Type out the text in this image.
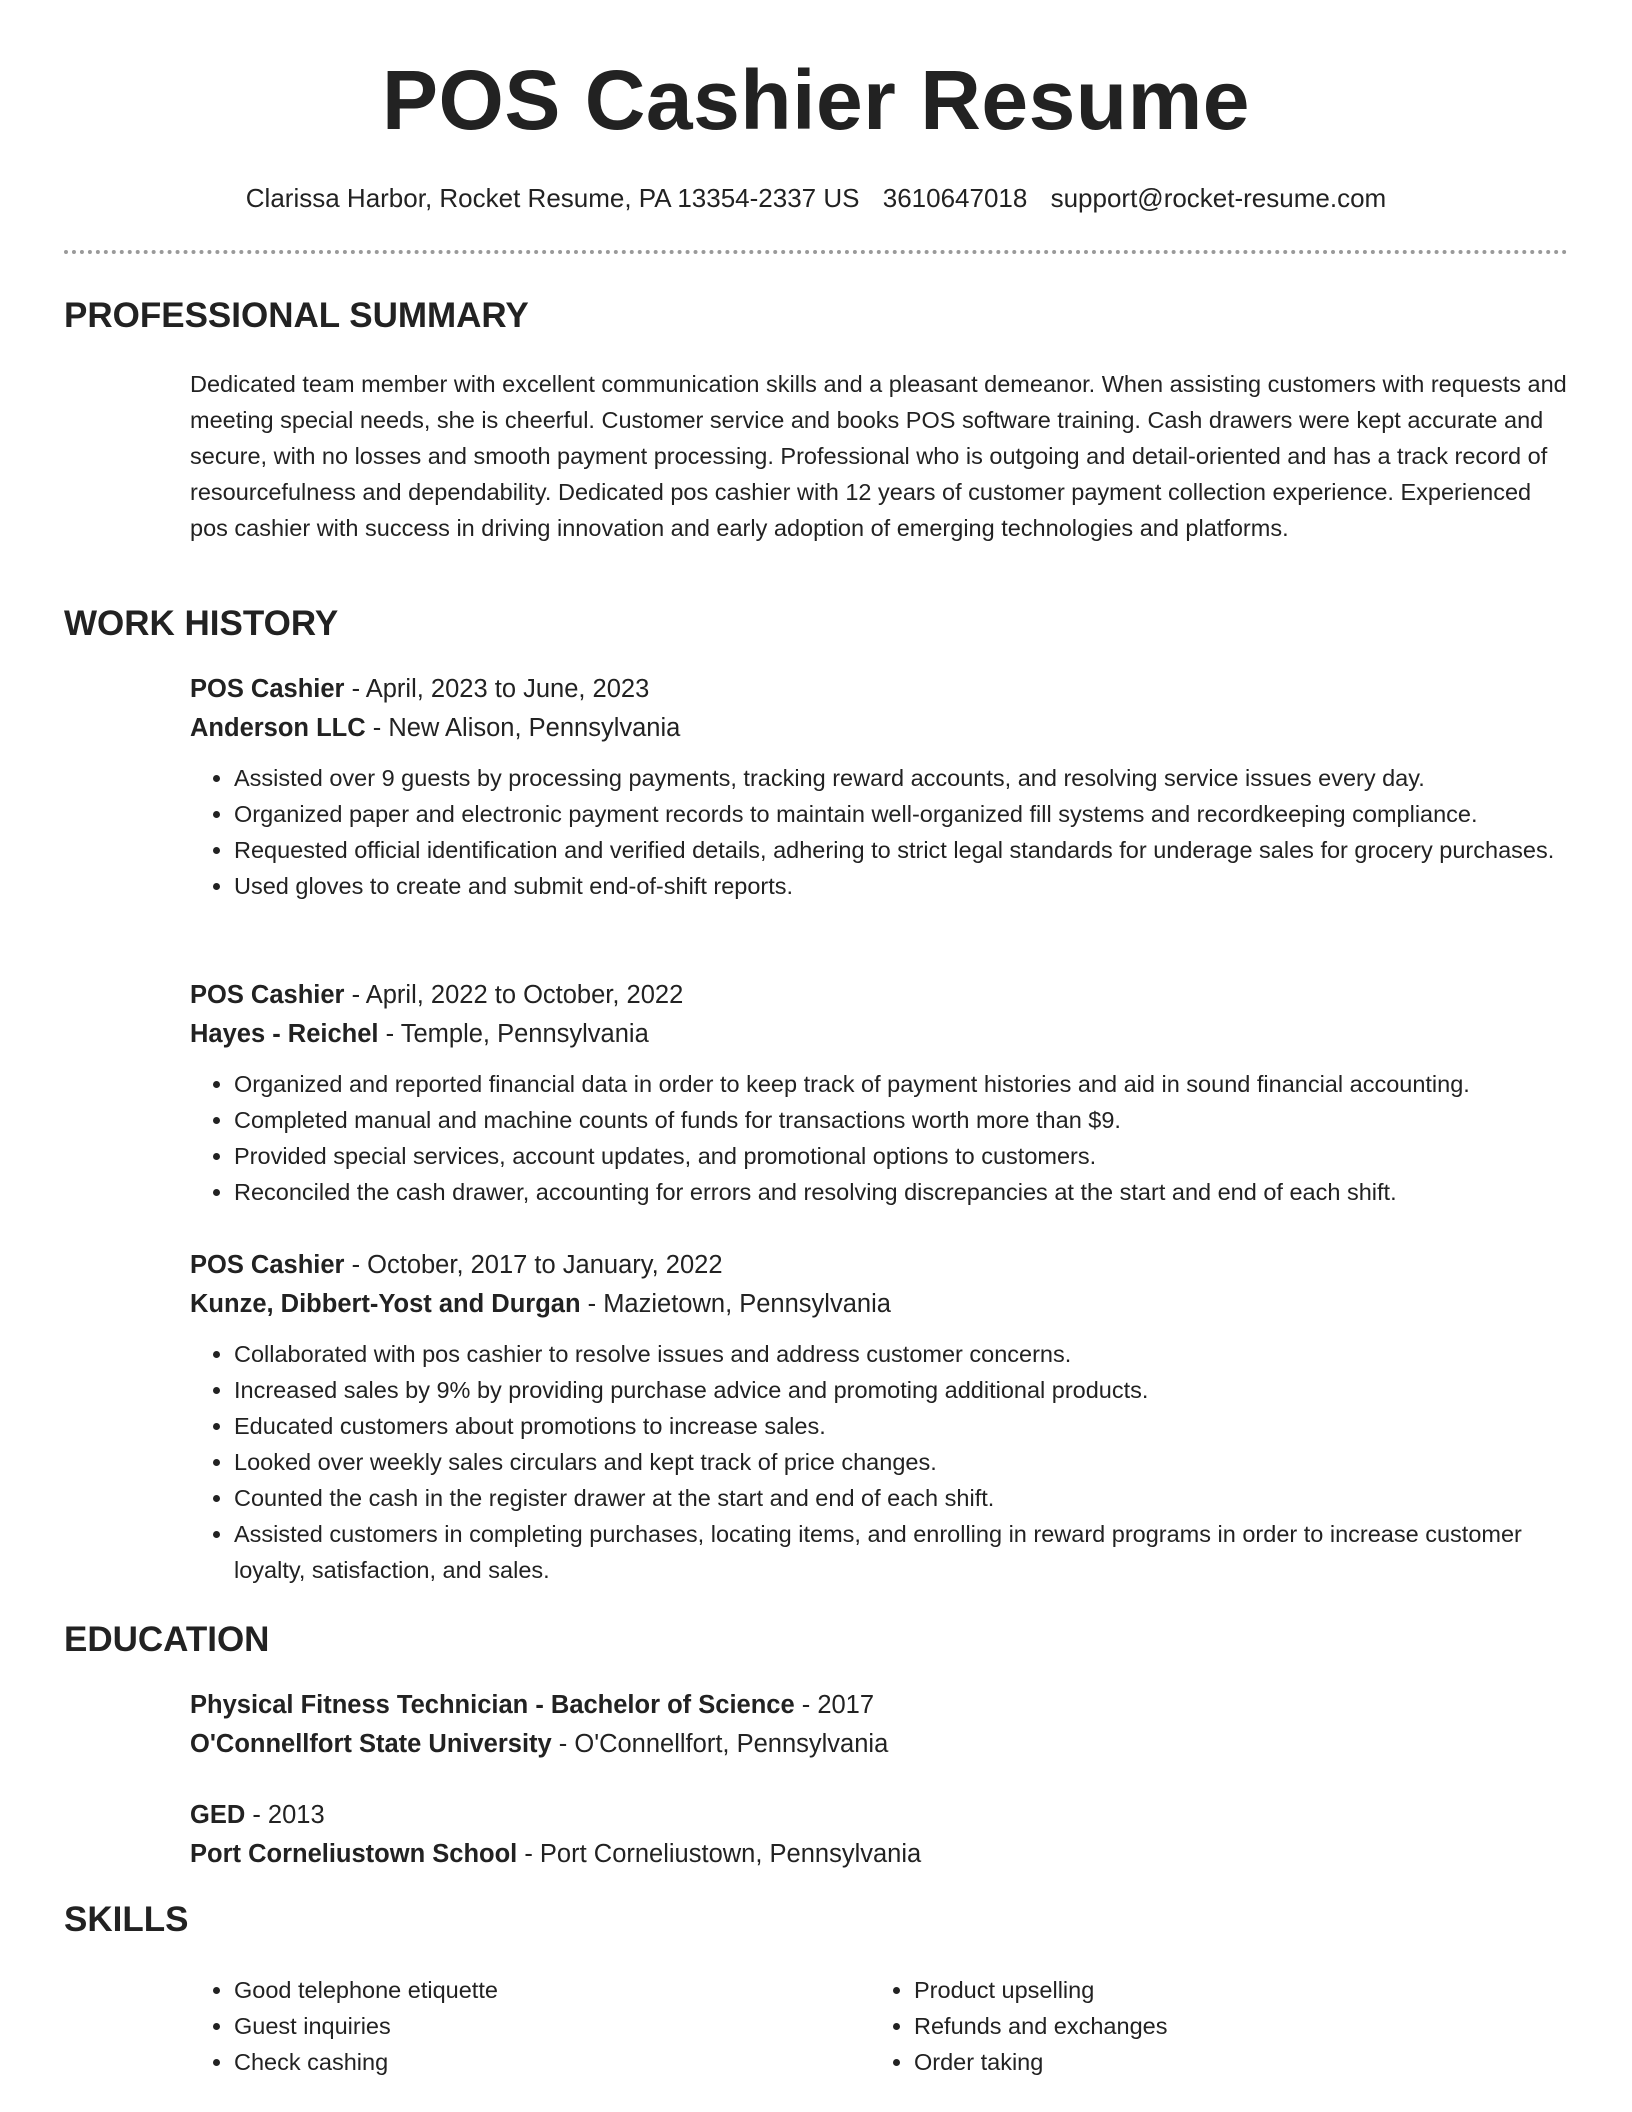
POS Cashier Resume
Clarissa Harbor, Rocket Resume, PA 13354-2337 US 3610647018 support@rocket-resume.com
PROFESSIONAL SUMMARY

Dedicated team member with excellent communication skills and a pleasant demeanor. When assisting customers with requests and meeting special needs, she is cheerful. Customer service and books POS software training. Cash drawers were kept accurate and secure, with no losses and smooth payment processing. Professional who is outgoing and detail-oriented and has a track record of resourcefulness and dependability. Dedicated pos cashier with 12 years of customer payment collection experience. Experienced pos cashier with success in driving innovation and early adoption of emerging technologies and platforms.

WORK HISTORY
POS Cashier - April, 2023 to June, 2023
Anderson LLC - New Alison, Pennsylvania
• Assisted over 9 guests by processing payments, tracking reward accounts, and resolving service issues every day.
• Organized paper and electronic payment records to maintain well-organized fill systems and recordkeeping compliance.
• Requested official identification and verified details, adhering to strict legal standards for underage sales for grocery purchases.
• Used gloves to create and submit end-of-shift reports.
POS Cashier - April, 2022 to October, 2022
Hayes - Reichel - Temple, Pennsylvania
• Organized and reported financial data in order to keep track of payment histories and aid in sound financial accounting.
• Completed manual and machine counts of funds for transactions worth more than $9.
• Provided special services, account updates, and promotional options to customers.
• Reconciled the cash drawer, accounting for errors and resolving discrepancies at the start and end of each shift.
POS Cashier - October, 2017 to January, 2022
Kunze, Dibbert-Yost and Durgan - Mazietown, Pennsylvania
• Collaborated with pos cashier to resolve issues and address customer concerns.
• Increased sales by 9% by providing purchase advice and promoting additional products.
• Educated customers about promotions to increase sales.
• Looked over weekly sales circulars and kept track of price changes.
• Counted the cash in the register drawer at the start and end of each shift.
• Assisted customers in completing purchases, locating items, and enrolling in reward programs in order to increase customer loyalty, satisfaction, and sales.
EDUCATION
Physical Fitness Technician - Bachelor of Science - 2017
O'Connellfort State University - O'Connellfort, Pennsylvania
GED - 2013
Port Corneliustown School - Port Corneliustown, Pennsylvania
SKILLS
• Good telephone etiquette
• Guest inquiries
• Check cashing
• Product upselling
• Refunds and exchanges
• Order taking
